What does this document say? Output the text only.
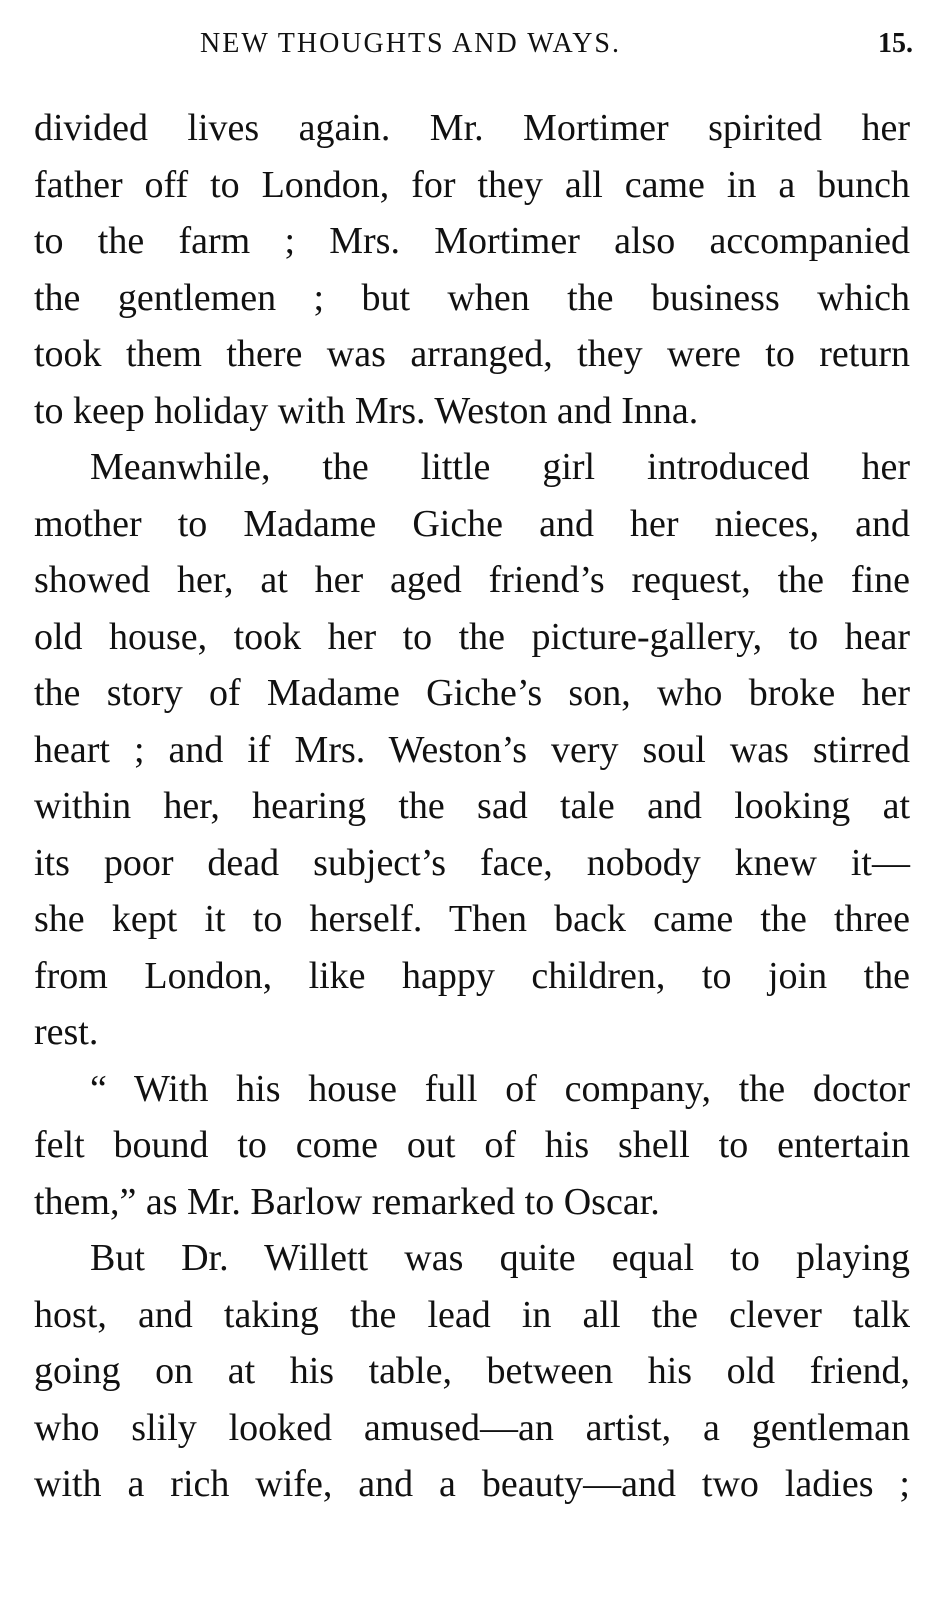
NEW THOUGHTS AND WAYS.	15.

divided lives again. Mr. Mortimer spirited her
father off to London, for they all came in a bunch
to the farm ; Mrs. Mortimer also accompanied
the gentlemen ; but when the business which
took them there was arranged, they were to return
to keep holiday with Mrs. Weston and Inna.

Meanwhile, the little girl introduced her
mother to Madame Giche and her nieces, and
showed her, at her aged friend’s request, the fine
old house, took her to the picture-gallery, to hear
the story of Madame Giche’s son, who broke her
heart ; and if Mrs. Weston’s very soul was stirred
within her, hearing the sad tale and looking at
its poor dead subject’s face, nobody knew it—
she kept it to herself. Then back came the three
from London, like happy children, to join the
rest.

“ With his house full of company, the doctor
felt bound to come out of his shell to entertain
them,” as Mr. Barlow remarked to Oscar.

But Dr. Willett was quite equal to playing
host, and taking the lead in all the clever talk
going on at his table, between his old friend,
who slily looked amused—an artist, a gentleman
with a rich wife, and a beauty—and two ladies ;
